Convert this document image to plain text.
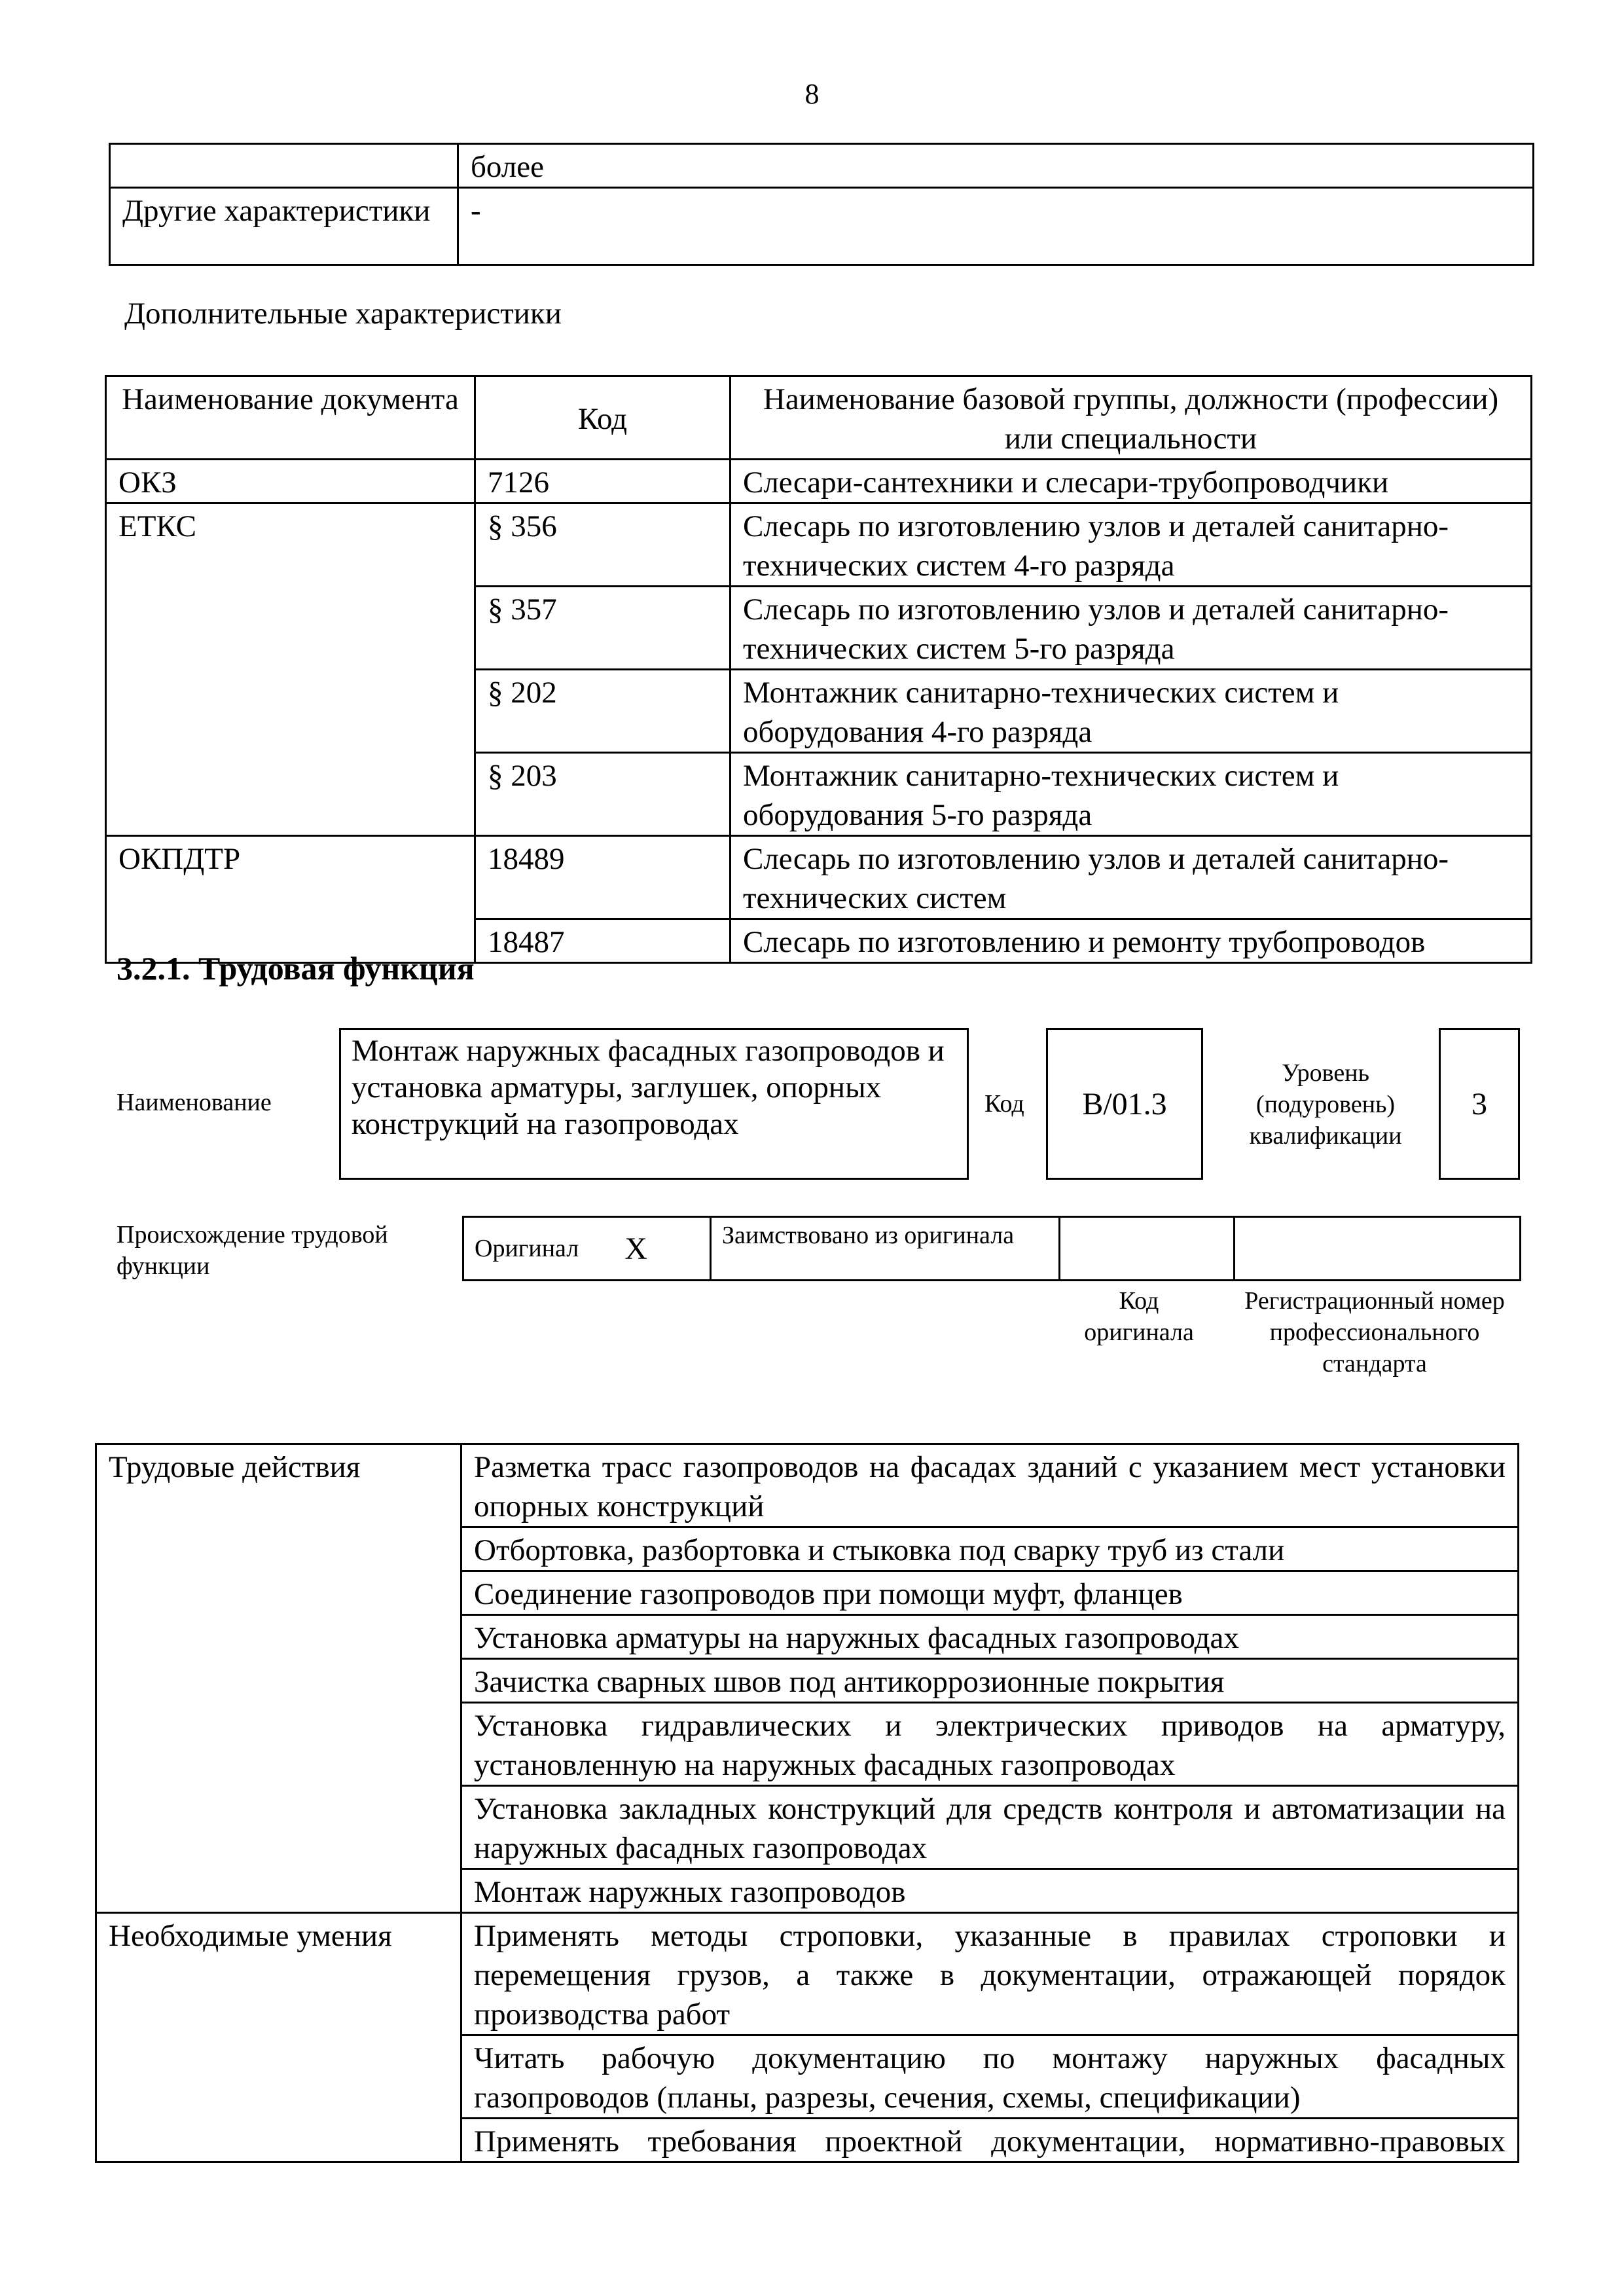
8
	более
Другие характеристики	-
Дополнительные характеристики
Наименование документа	Код	Наименование базовой группы, должности (профессии) или специальности
ОКЗ	7126	Слесари-сантехники и слесари-трубопроводчики
ЕТКС	§ 356	Слесарь по изготовлению узлов и деталей санитарно-технических систем 4-го разряда
	§ 357	Слесарь по изготовлению узлов и деталей санитарно-технических систем 5-го разряда
	§ 202	Монтажник санитарно-технических систем и оборудования 4-го разряда
	§ 203	Монтажник санитарно-технических систем и оборудования 5-го разряда
ОКПДТР	18489	Слесарь по изготовлению узлов и деталей санитарно-технических систем
	18487	Слесарь по изготовлению и ремонту трубопроводов
3.2.1. Трудовая функция
Наименование
Монтаж наружных фасадных газопроводов и установка арматуры, заглушек, опорных конструкций на газопроводах
Код B/01.3
Уровень (подуровень) квалификации
3
Происхождение трудовой функции
Оригинал X	Заимствовано из оригинала
Код оригинала
Регистрационный номер профессионального стандарта
Трудовые действия	Разметка трасс газопроводов на фасадах зданий с указанием мест установки опорных конструкций
	Отбортовка, разбортовка и стыковка под сварку труб из стали
	Соединение газопроводов при помощи муфт, фланцев
	Установка арматуры на наружных фасадных газопроводах
	Зачистка сварных швов под антикоррозионные покрытия
	Установка гидравлических и электрических приводов на арматуру, установленную на наружных фасадных газопроводах
	Установка закладных конструкций для средств контроля и автоматизации на наружных фасадных газопроводах
	Монтаж наружных газопроводов
Необходимые умения	Применять методы строповки, указанные в правилах строповки и перемещения грузов, а также в документации, отражающей порядок производства работ
	Читать рабочую документацию по монтажу наружных фасадных газопроводов (планы, разрезы, сечения, схемы, спецификации)
	Применять требования проектной документации, нормативно-правовых
